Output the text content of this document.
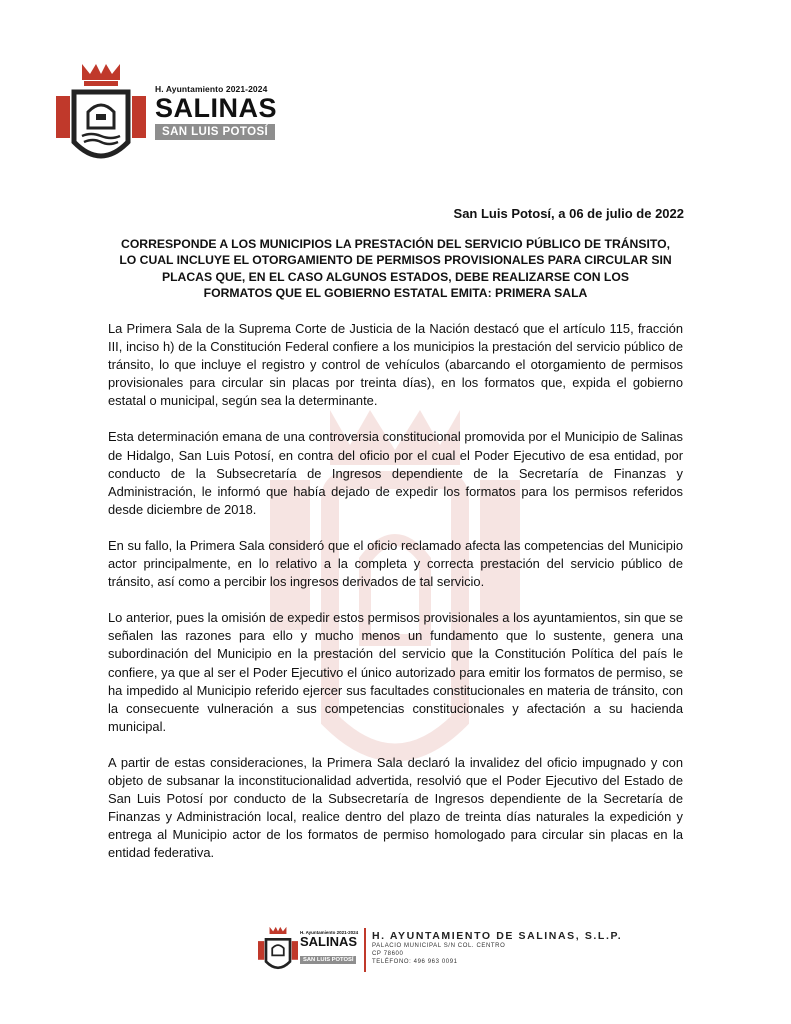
H. Ayuntamiento 2021-2024
SALINAS
SAN LUIS POTOSÍ
San Luis Potosí, a 06 de julio de 2022
CORRESPONDE A LOS MUNICIPIOS LA PRESTACIÓN DEL SERVICIO PÚBLICO DE TRÁNSITO,
LO CUAL INCLUYE EL OTORGAMIENTO DE PERMISOS PROVISIONALES PARA CIRCULAR SIN
PLACAS QUE, EN EL CASO ALGUNOS ESTADOS, DEBE REALIZARSE CON LOS
FORMATOS QUE EL GOBIERNO ESTATAL EMITA: PRIMERA SALA

La Primera Sala de la Suprema Corte de Justicia de la Nación destacó que el artículo 115, fracción III, inciso h) de la Constitución Federal confiere a los municipios la prestación del servicio público de tránsito, lo que incluye el registro y control de vehículos (abarcando el otorgamiento de permisos provisionales para circular sin placas por treinta días), en los formatos que, expida el gobierno estatal o municipal, según sea la determinante.

Esta determinación emana de una controversia constitucional promovida por el Municipio de Salinas de Hidalgo, San Luis Potosí, en contra del oficio por el cual el Poder Ejecutivo de esa entidad, por conducto de la Subsecretaría de Ingresos dependiente de la Secretaría de Finanzas y Administración, le informó que había dejado de expedir los formatos para los permisos referidos desde diciembre de 2018.

En su fallo, la Primera Sala consideró que el oficio reclamado afecta las competencias del Municipio actor principalmente, en lo relativo a la completa y correcta prestación del servicio público de tránsito, así como a percibir los ingresos derivados de tal servicio.

Lo anterior, pues la omisión de expedir estos permisos provisionales a los ayuntamientos, sin que se señalen las razones para ello y mucho menos un fundamento que lo sustente, genera una subordinación del Municipio en la prestación del servicio que la Constitución Política del país le confiere, ya que al ser el Poder Ejecutivo el único autorizado para emitir los formatos de permiso, se ha impedido al Municipio referido ejercer sus facultades constitucionales en materia de tránsito, con la consecuente vulneración a sus competencias constitucionales y afectación a su hacienda municipal.

A partir de estas consideraciones, la Primera Sala declaró la invalidez del oficio impugnado y con objeto de subsanar la inconstitucionalidad advertida, resolvió que el Poder Ejecutivo del Estado de San Luis Potosí por conducto de la Subsecretaría de Ingresos dependiente de la Secretaría de Finanzas y Administración local, realice dentro del plazo de treinta días naturales la expedición y entrega al Municipio actor de los formatos de permiso homologado para circular sin placas en la entidad federativa.

H. Ayuntamiento 2021-2024
SALINAS
SAN LUIS POTOSÍ
H. AYUNTAMIENTO DE SALINAS, S.L.P.
PALACIO MUNICIPAL S/N COL. CENTRO
CP 78600
TELÉFONO: 496 963 0091
